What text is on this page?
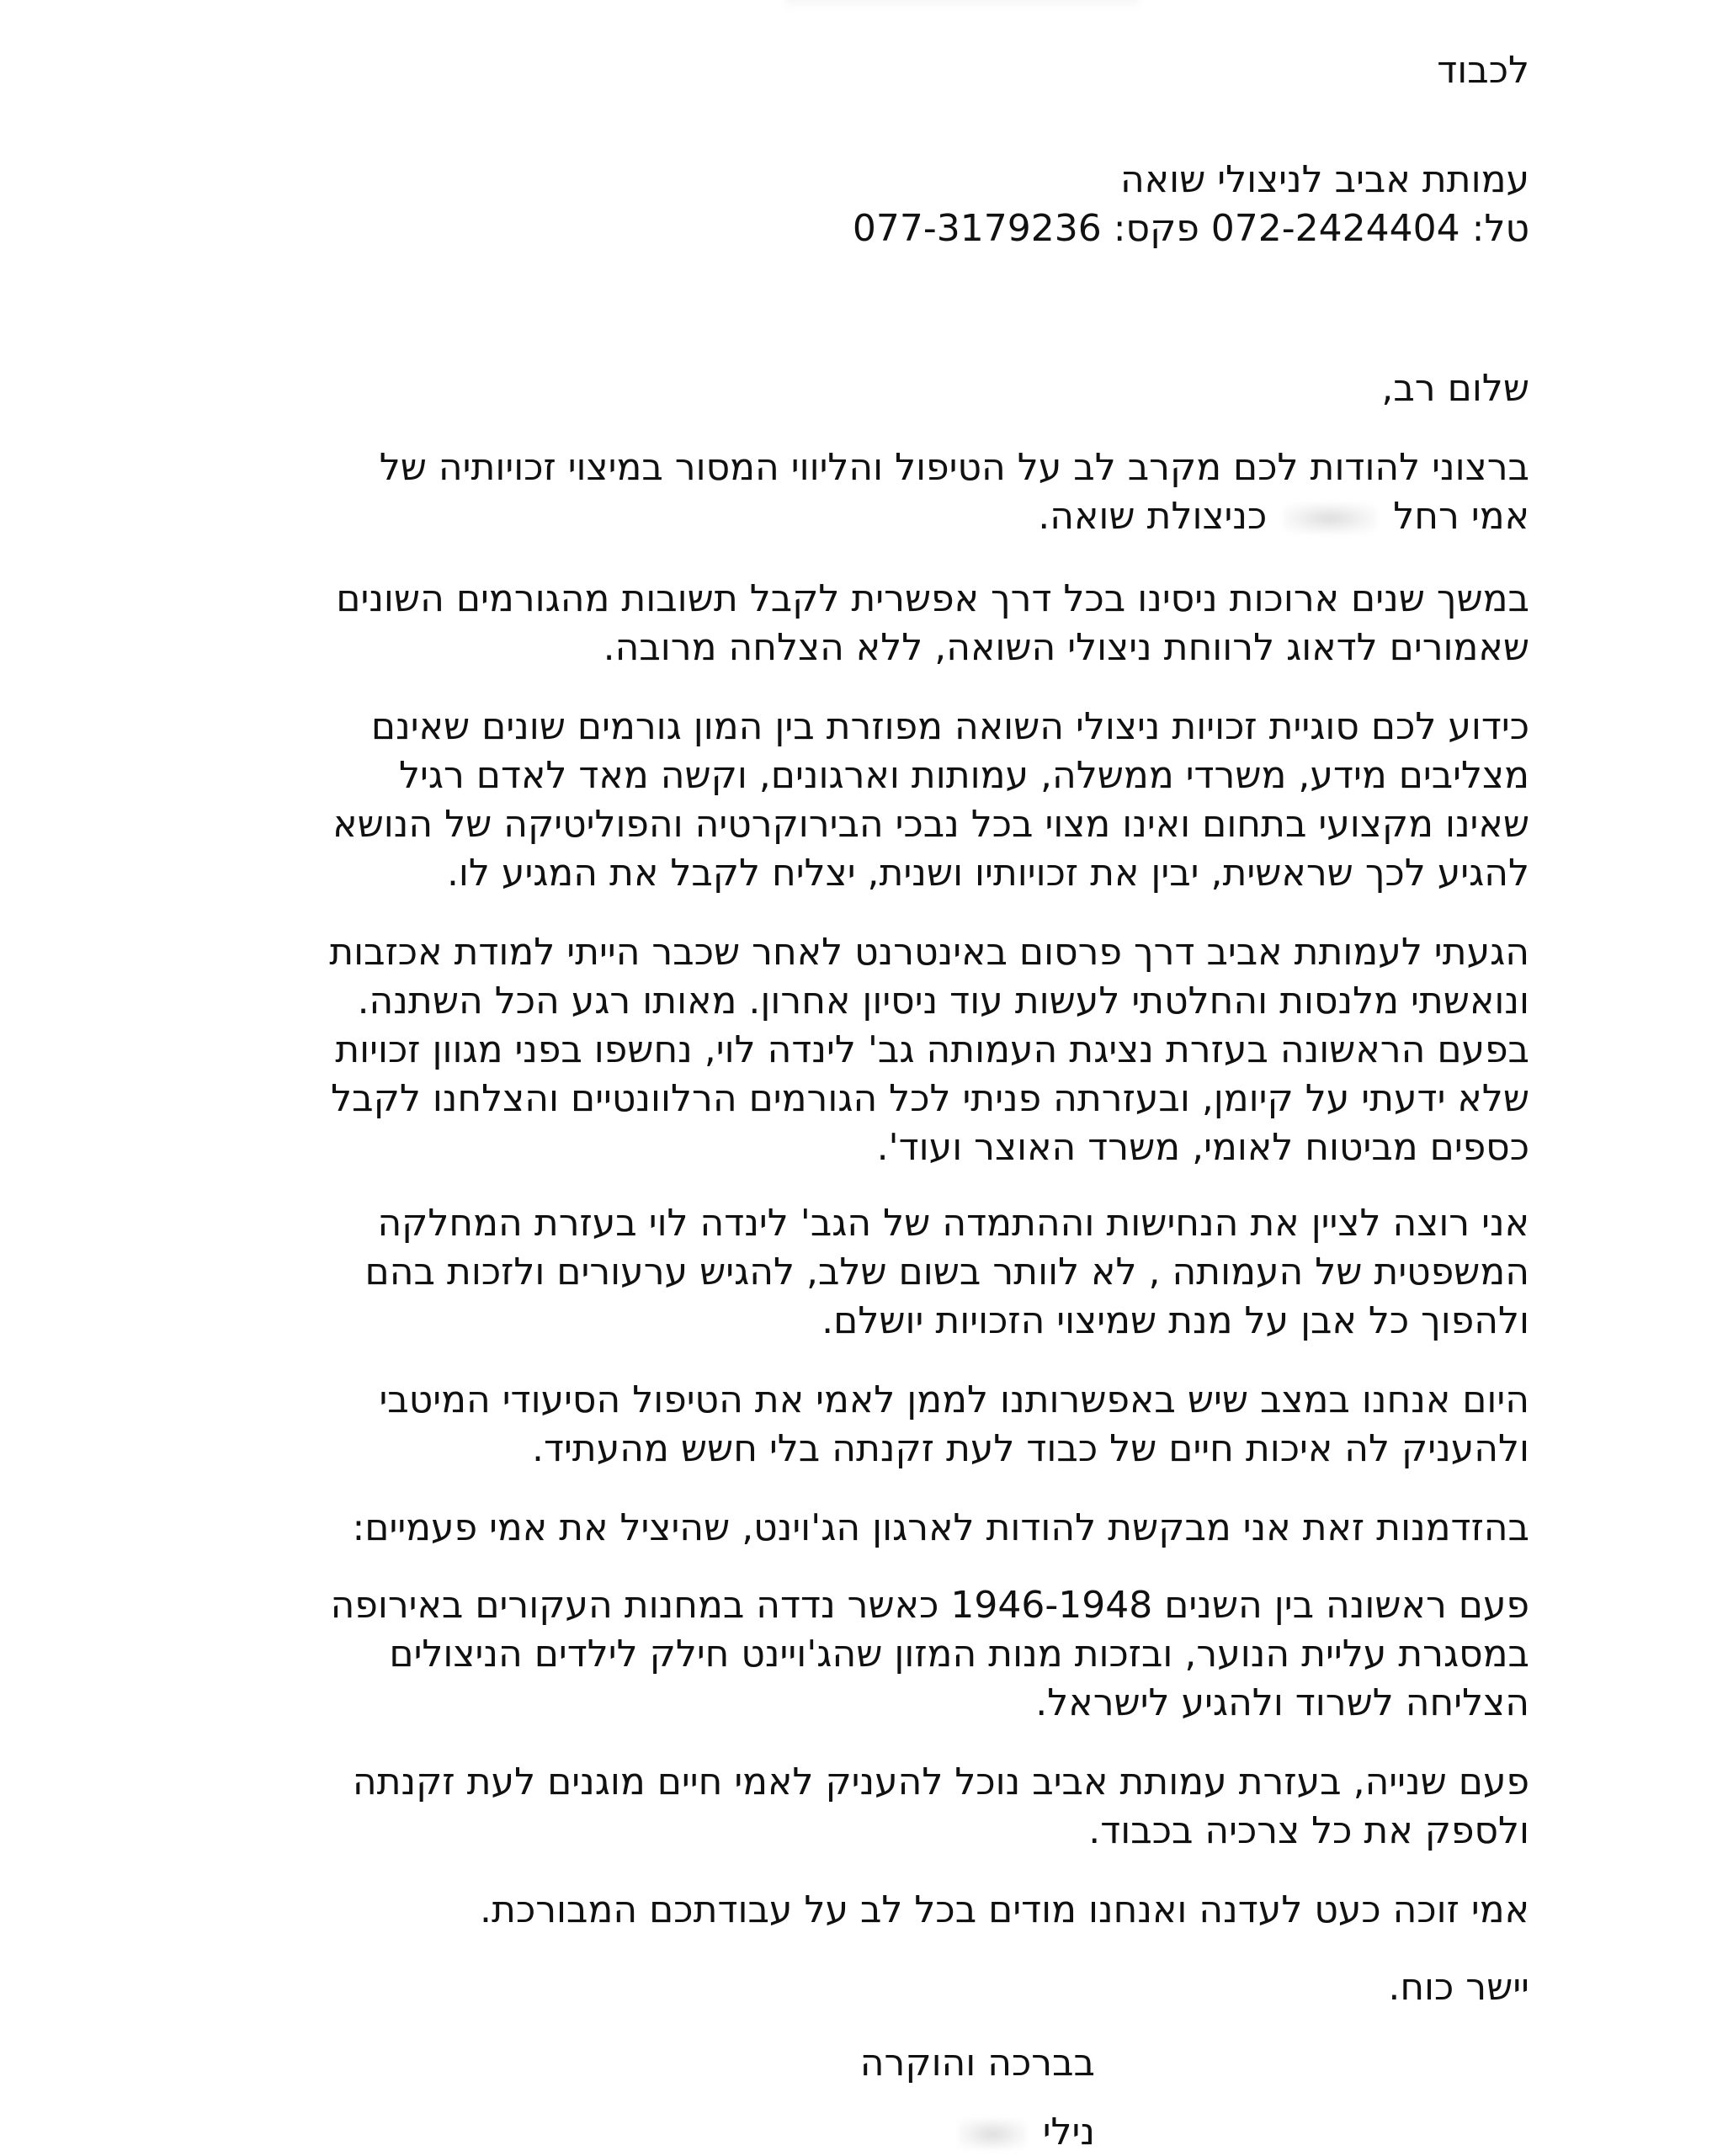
לכבוד
עמותת אביב לניצולי שואה
טל: 072-2424404 פקס: 077-3179236
שלום רב,
ברצוני להודות לכם מקרב לב על הטיפול והליווי המסור במיצוי זכויותיה של
אמי רחל  כניצולת שואה.
במשך שנים ארוכות ניסינו בכל דרך אפשרית לקבל תשובות מהגורמים השונים
שאמורים לדאוג לרווחת ניצולי השואה, ללא הצלחה מרובה.
כידוע לכם סוגיית זכויות ניצולי השואה מפוזרת בין המון גורמים שונים שאינם
מצליבים מידע, משרדי ממשלה, עמותות וארגונים, וקשה מאד לאדם רגיל
שאינו מקצועי בתחום ואינו מצוי בכל נבכי הבירוקרטיה והפוליטיקה של הנושא
להגיע לכך שראשית, יבין את זכויותיו ושנית, יצליח לקבל את המגיע לו.
הגעתי לעמותת אביב דרך פרסום באינטרנט לאחר שכבר הייתי למודת אכזבות
ונואשתי מלנסות והחלטתי לעשות עוד ניסיון אחרון. מאותו רגע הכל השתנה.
בפעם הראשונה בעזרת נציגת העמותה גב' לינדה לוי, נחשפו בפני מגוון זכויות
שלא ידעתי על קיומן, ובעזרתה פניתי לכל הגורמים הרלוונטיים והצלחנו לקבל
כספים מביטוח לאומי, משרד האוצר ועוד'.
אני רוצה לציין את הנחישות וההתמדה של הגב' לינדה לוי בעזרת המחלקה
המשפטית של העמותה , לא לוותר בשום שלב, להגיש ערעורים ולזכות בהם
ולהפוך כל אבן על מנת שמיצוי הזכויות יושלם.
היום אנחנו במצב שיש באפשרותנו לממן לאמי את הטיפול הסיעודי המיטבי
ולהעניק לה איכות חיים של כבוד לעת זקנתה בלי חשש מהעתיד.
בהזדמנות זאת אני מבקשת להודות לארגון הג'וינט, שהיציל את אמי פעמיים:
פעם ראשונה בין השנים 1946-1948 כאשר נדדה במחנות העקורים באירופה
במסגרת עליית הנוער, ובזכות מנות המזון שהג'ויינט חילק לילדים הניצולים
הצליחה לשרוד ולהגיע לישראל.
פעם שנייה, בעזרת עמותת אביב נוכל להעניק לאמי חיים מוגנים לעת זקנתה
ולספק את כל צרכיה בכבוד.
אמי זוכה כעט לעדנה ואנחנו מודים בכל לב על עבודתכם המבורכת.
יישר כוח.
בברכה והוקרה
נילי
